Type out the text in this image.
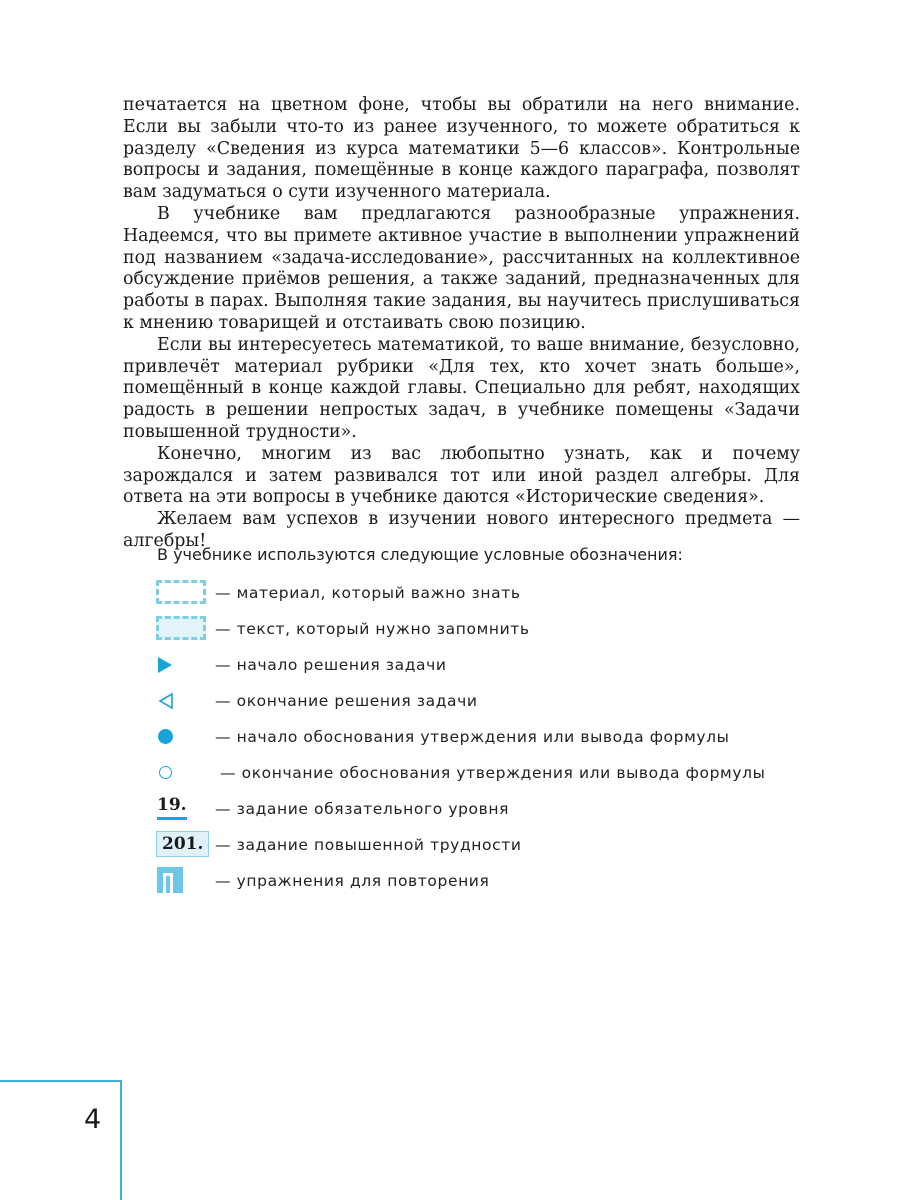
печатается на цветном фоне, чтобы вы обратили на него внимание. Если вы забыли что-то из ранее изученного, то можете обратиться к разделу «Сведения из курса математики 5—6 классов». Контрольные вопросы и задания, помещённые в конце каждого параграфа, позволят вам задуматься о сути изученного материала.

В учебнике вам предлагаются разнообразные упражнения. Надеемся, что вы примете активное участие в выполнении упражнений под названием «задача-исследование», рассчитанных на коллективное обсуждение приёмов решения, а также заданий, предназначенных для работы в парах. Выполняя такие задания, вы научитесь прислушиваться к мнению товарищей и отстаивать свою позицию.

Если вы интересуетесь математикой, то ваше внимание, безусловно, привлечёт материал рубрики «Для тех, кто хочет знать больше», помещённый в конце каждой главы. Специально для ребят, находящих радость в решении непростых задач, в учебнике помещены «Задачи повышенной трудности».

Конечно, многим из вас любопытно узнать, как и почему зарождался и затем развивался тот или иной раздел алгебры. Для ответа на эти вопросы в учебнике даются «Исторические сведения».

Желаем вам успехов в изучении нового интересного предмета — алгебры!

В учебнике используются следующие условные обозначения:
— материал, который важно знать
— текст, который нужно запомнить
— начало решения задачи
— окончание решения задачи
— начало обоснования утверждения или вывода формулы
— окончание обоснования утверждения или вывода формулы
19. — задание обязательного уровня
201. — задание повышенной трудности
— упражнения для повторения
4
